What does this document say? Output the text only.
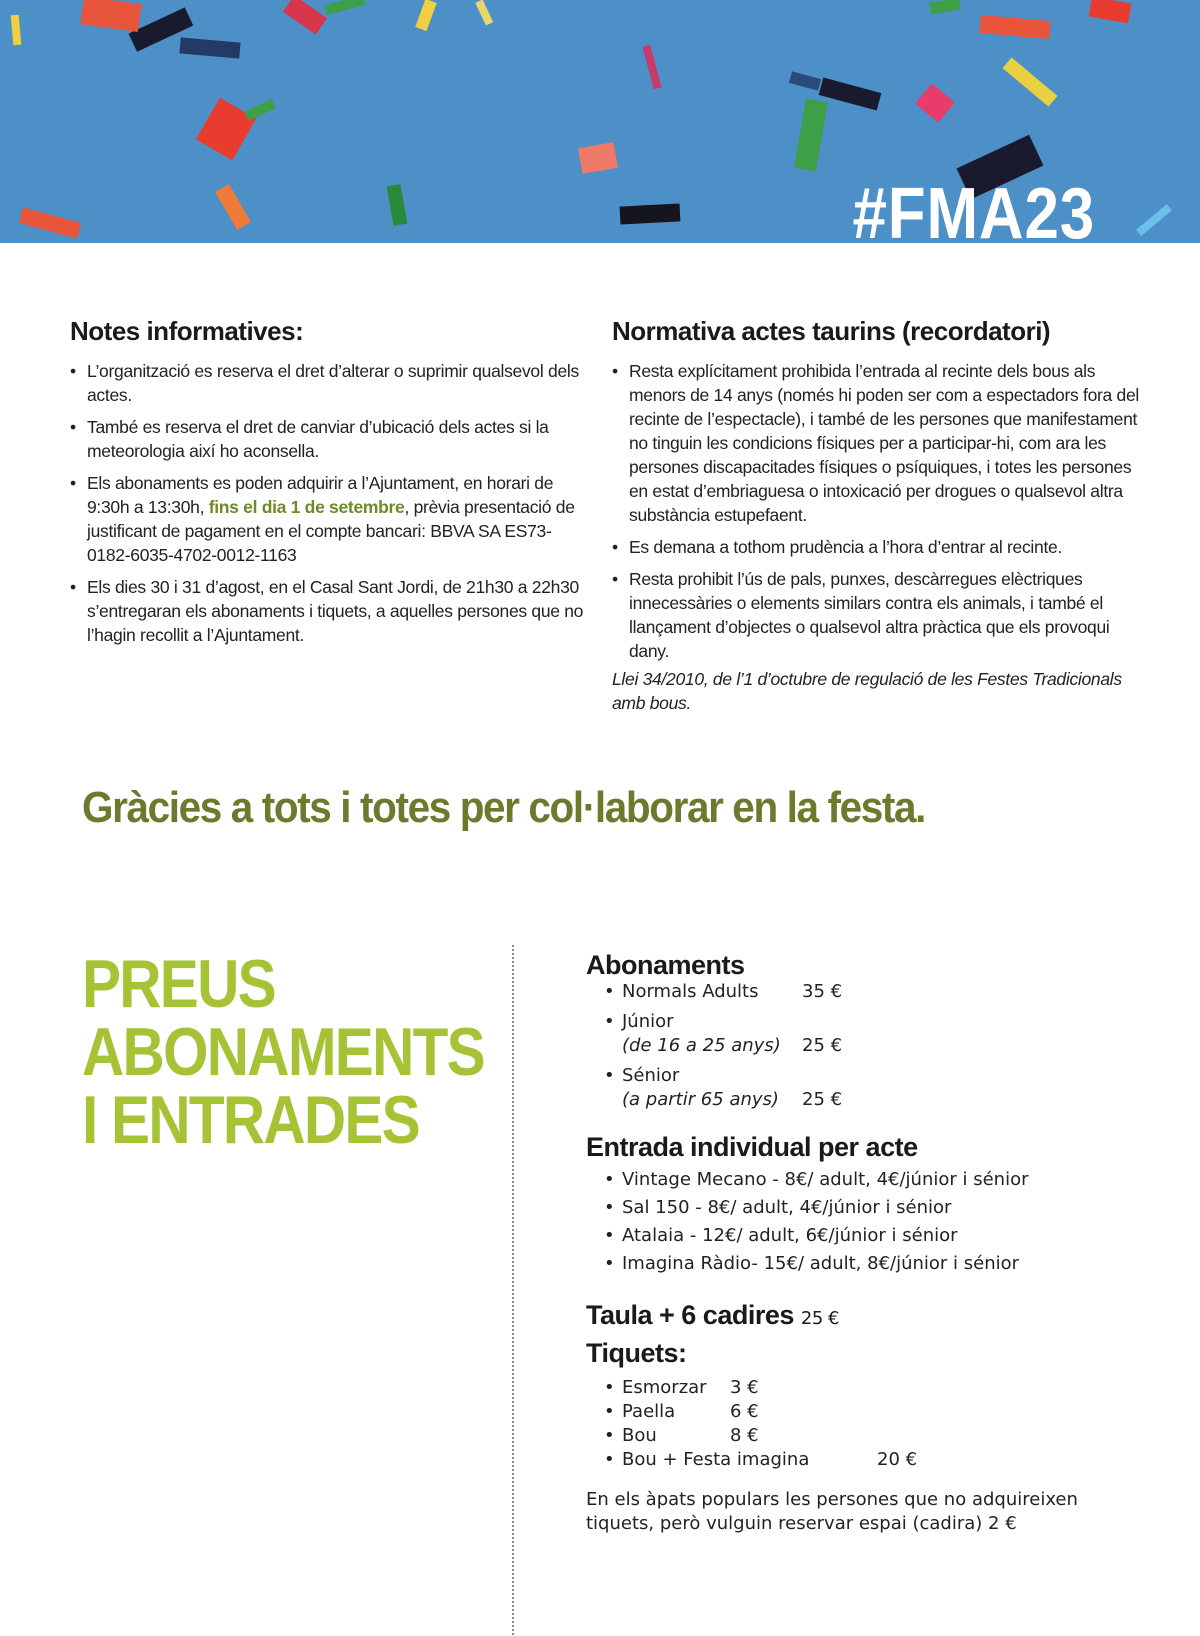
#FMA23
Notes informatives:
• L’organització es reserva el dret d’alterar o suprimir qualsevol dels actes.
• També es reserva el dret de canviar d’ubicació dels actes si la meteorologia així ho aconsella.
• Els abonaments es poden adquirir a l’Ajuntament, en horari de 9:30h a 13:30h, fins el dia 1 de setembre, prèvia presentació de justificant de pagament en el compte bancari: BBVA SA ES73-0182-6035-4702-0012-1163
• Els dies 30 i 31 d’agost, en el Casal Sant Jordi, de 21h30 a 22h30 s’entregaran els abonaments i tiquets, a aquelles persones que no l’hagin recollit a l’Ajuntament.
Normativa actes taurins (recordatori)
• Resta explícitament prohibida l’entrada al recinte dels bous als menors de 14 anys (només hi poden ser com a espectadors fora del recinte de l’espectacle), i també de les persones que manifestament no tinguin les condicions físiques per a participar-hi, com ara les persones discapacitades físiques o psíquiques, i totes les persones en estat d’embriaguesa o intoxicació per drogues o qualsevol altra substància estupefaent.
• Es demana a tothom prudència a l’hora d’entrar al recinte.
• Resta prohibit l’ús de pals, punxes, descàrregues elèctriques innecessàries o elements similars contra els animals, i també el llançament d’objectes o qualsevol altra pràctica que els provoqui dany.
Llei 34/2010, de l’1 d’octubre de regulació de les Festes Tradicionals amb bous.
Gràcies a tots i totes per col·laborar en la festa.
PREUS
ABONAMENTS
I ENTRADES
Abonaments
• Normals Adults	35 €
• Júnior
(de 16 a 25 anys)	25 €
• Sénior
(a partir 65 anys)	25 €
Entrada individual per acte
• Vintage Mecano - 8€/ adult, 4€/júnior i sénior
• Sal 150 - 8€/ adult, 4€/júnior i sénior
• Atalaia - 12€/ adult, 6€/júnior i sénior
• Imagina Ràdio- 15€/ adult, 8€/júnior i sénior
Taula + 6 cadires 25 €
Tiquets:
• Esmorzar	3 €
• Paella	6 €
• Bou	8 €
• Bou + Festa imagina	20 €
En els àpats populars les persones que no adquireixen tiquets, però vulguin reservar espai (cadira) 2 €
